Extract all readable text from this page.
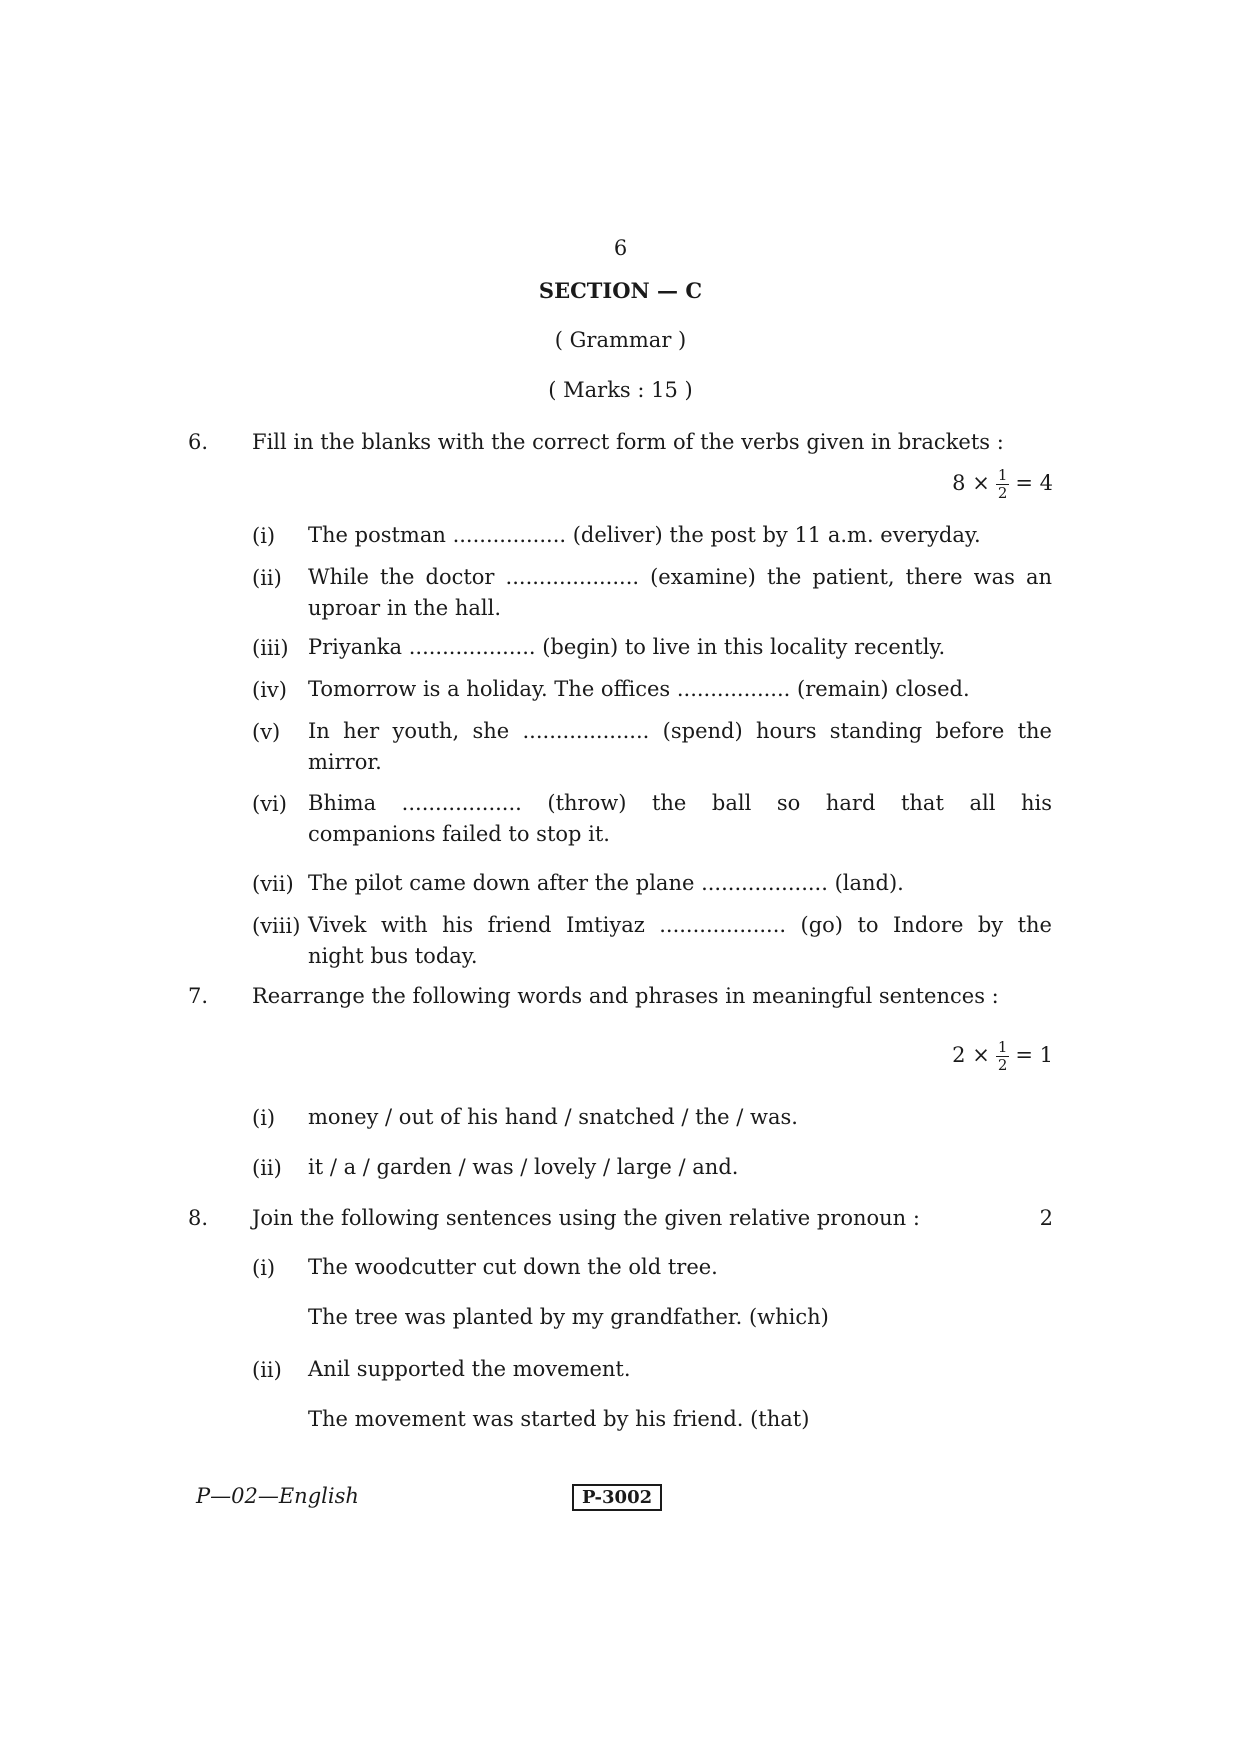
6
SECTION — C
( Grammar )
( Marks : 15 )
6. Fill in the blanks with the correct form of the verbs given in brackets :
$8 \times \frac{1}{2} = 4$
(i)	The postman ................. (deliver) the post by 11 a.m. everyday.
(ii)	While the doctor .................... (examine) the patient, there was an
uproar in the hall.
(iii) Priyanka ................... (begin) to live in this locality recently.
(iv)	Tomorrow is a holiday. The offices ................. (remain) closed.
(v)	In her youth, she ................... (spend) hours standing before the
mirror.
(vi)	Bhima .................. (throw) the ball so hard that all his
companions failed to stop it.
(vii) The pilot came down after the plane ................... (land).
(viii) Vivek with his friend Imtiyaz ................... (go) to Indore by the
night bus today.
7. Rearrange the following words and phrases in meaningful sentences :
$2 \times \frac{1}{2} = 1$
(i)	money / out of his hand / snatched / the / was.
(ii)	it / a / garden / was / lovely / large / and.
8. Join the following sentences using the given relative pronoun :	2
(i)	The woodcutter cut down the old tree.
The tree was planted by my grandfather. (which)
(ii)	Anil supported the movement.
The movement was started by his friend. (that)
P—02—English	P-3002
